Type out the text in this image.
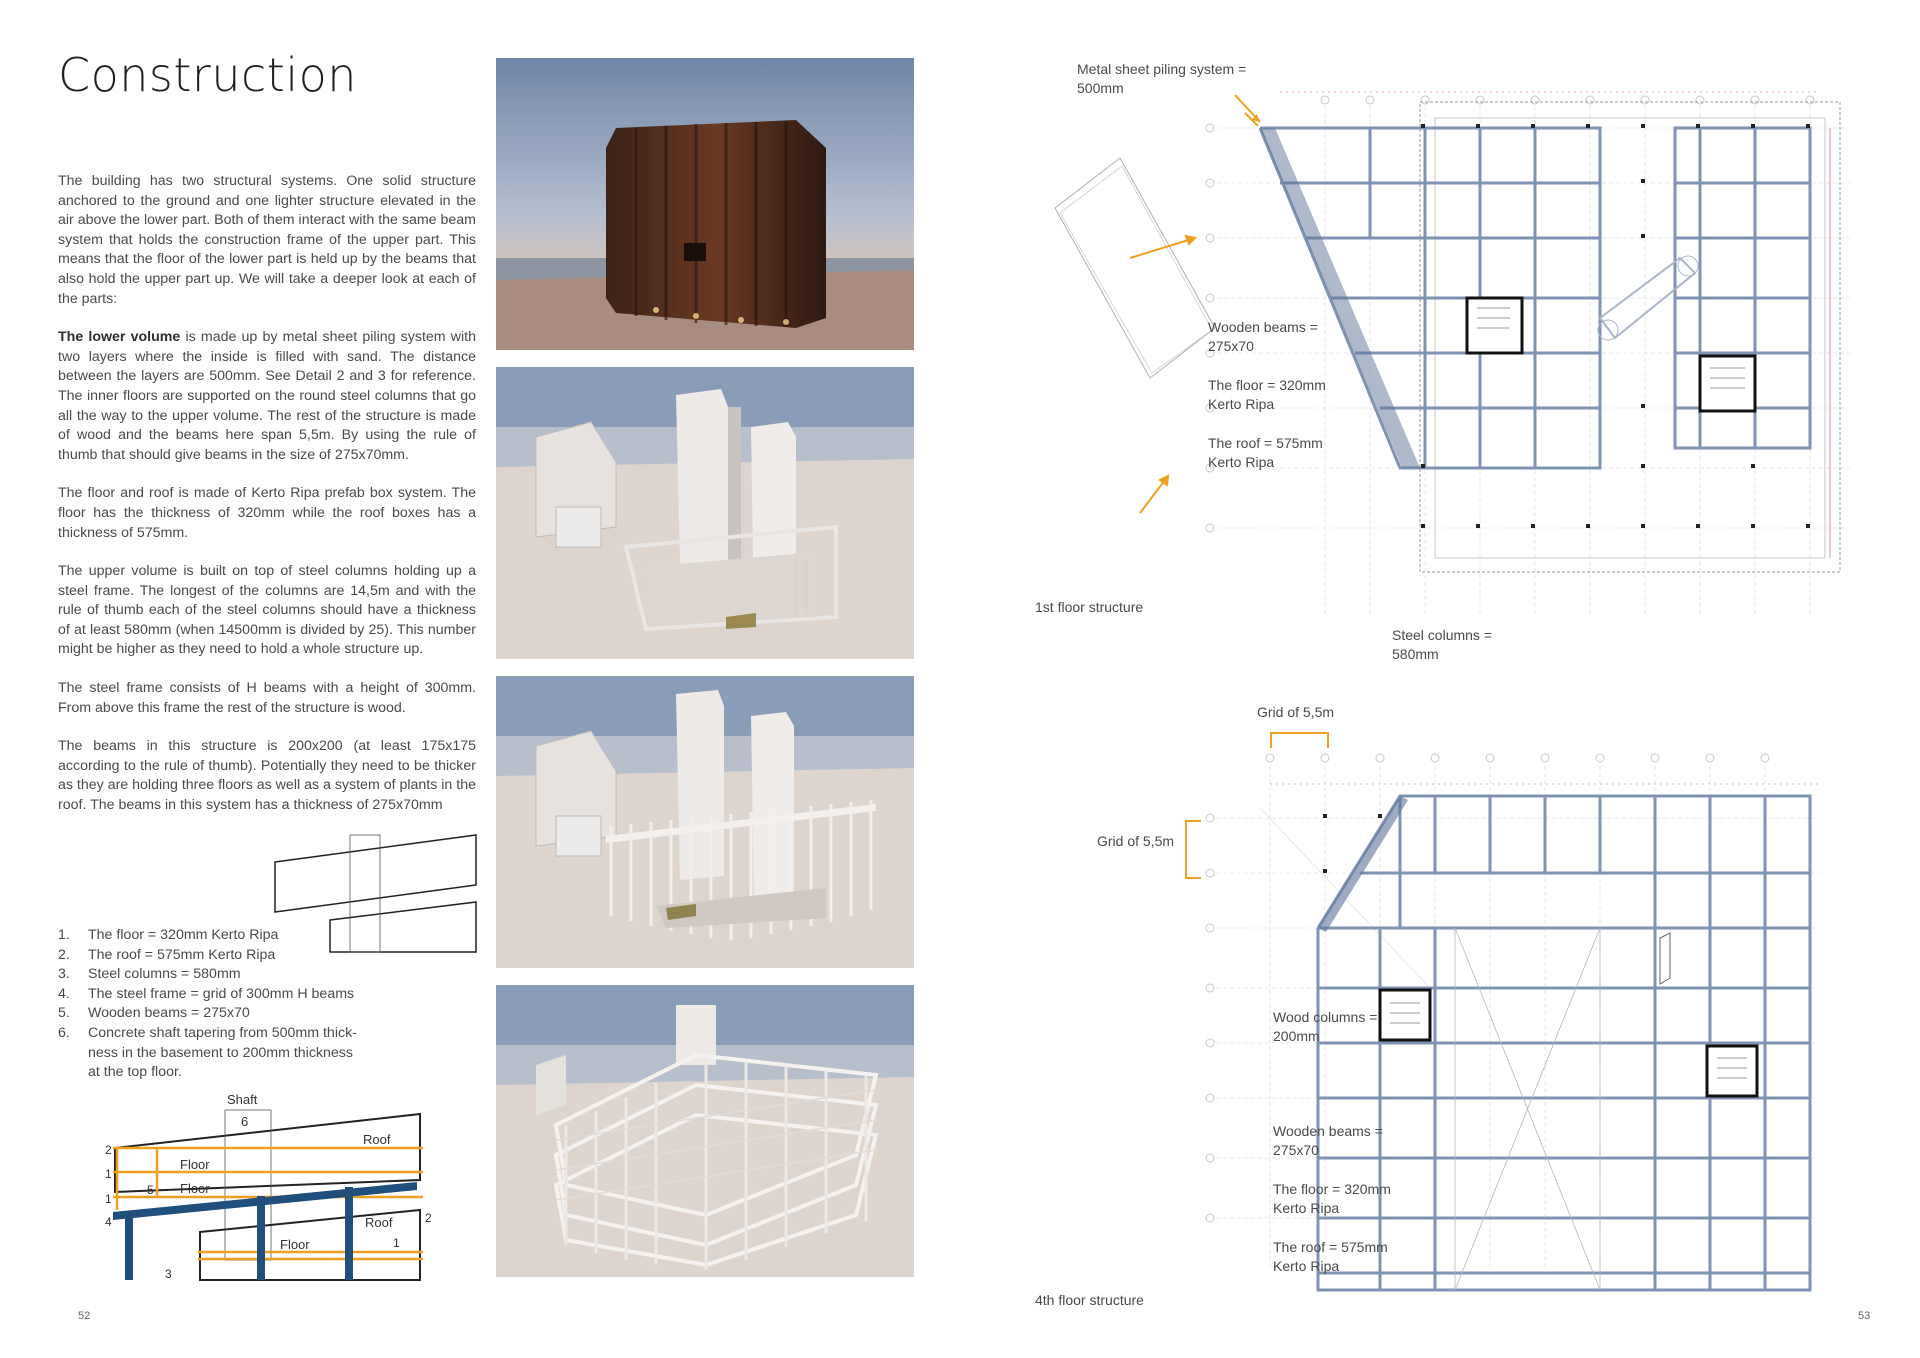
Construction

The building has two structural systems. One solid structure anchored to the ground and one lighter structure elevated in the air above the lower part. Both of them interact with the same beam system that holds the construction frame of the upper part. This means that the floor of the lower part is held up by the beams that also hold the upper part up. We will take a deeper look at each of the parts:

The lower volume is made up by metal sheet piling system with two layers where the inside is filled with sand. The distance between the layers are 500mm. See Detail 2 and 3 for reference. The inner floors are supported on the round steel columns that go all the way to the upper volume. The rest of the structure is made of wood and the beams here span 5,5m. By using the rule of thumb that should give beams in the size of 275x70mm.

The floor and roof is made of Kerto Ripa prefab box system. The floor has the thickness of 320mm while the roof boxes has a thickness of 575mm.

The upper volume is built on top of steel columns holding up a steel frame. The longest of the columns are 14,5m and with the rule of thumb each of the steel columns should have a thickness of at least 580mm (when 14500mm is divided by 25). This number might be higher as they need to hold a whole structure up.

The steel frame consists of H beams with a height of 300mm. From above this frame the rest of the structure is wood.

The beams in this structure is 200x200 (at least 175x175 according to the rule of thumb). Potentially they need to be thicker as they are holding three floors as well as a system of plants in the roof. The beams in this system has a thickness of 275x70mm

1.	The floor = 320mm Kerto Ripa
2.	The roof = 575mm Kerto Ripa
3.	Steel columns = 580mm
4.	The steel frame = grid of 300mm H beams
5.	Wooden beams = 275x70
6.	Concrete shaft tapering from 500mm thick-
ness in the basement to 200mm thickness
at the top floor.
Shaft
6
Roof
Floor
Floor
Roof
Floor
2
1
1
4
5
3
2
1
52
Metal sheet piling system =
500mm
Wooden beams =
275x70
The floor = 320mm
Kerto Ripa
The roof = 575mm
Kerto Ripa
1st floor structure
Steel columns =
580mm
Grid of 5,5m
Grid of 5,5m
Wood columns =
200mm
Wooden beams =
275x70
The floor = 320mm
Kerto Ripa
The roof = 575mm
Kerto Ripa
4th floor structure
53
